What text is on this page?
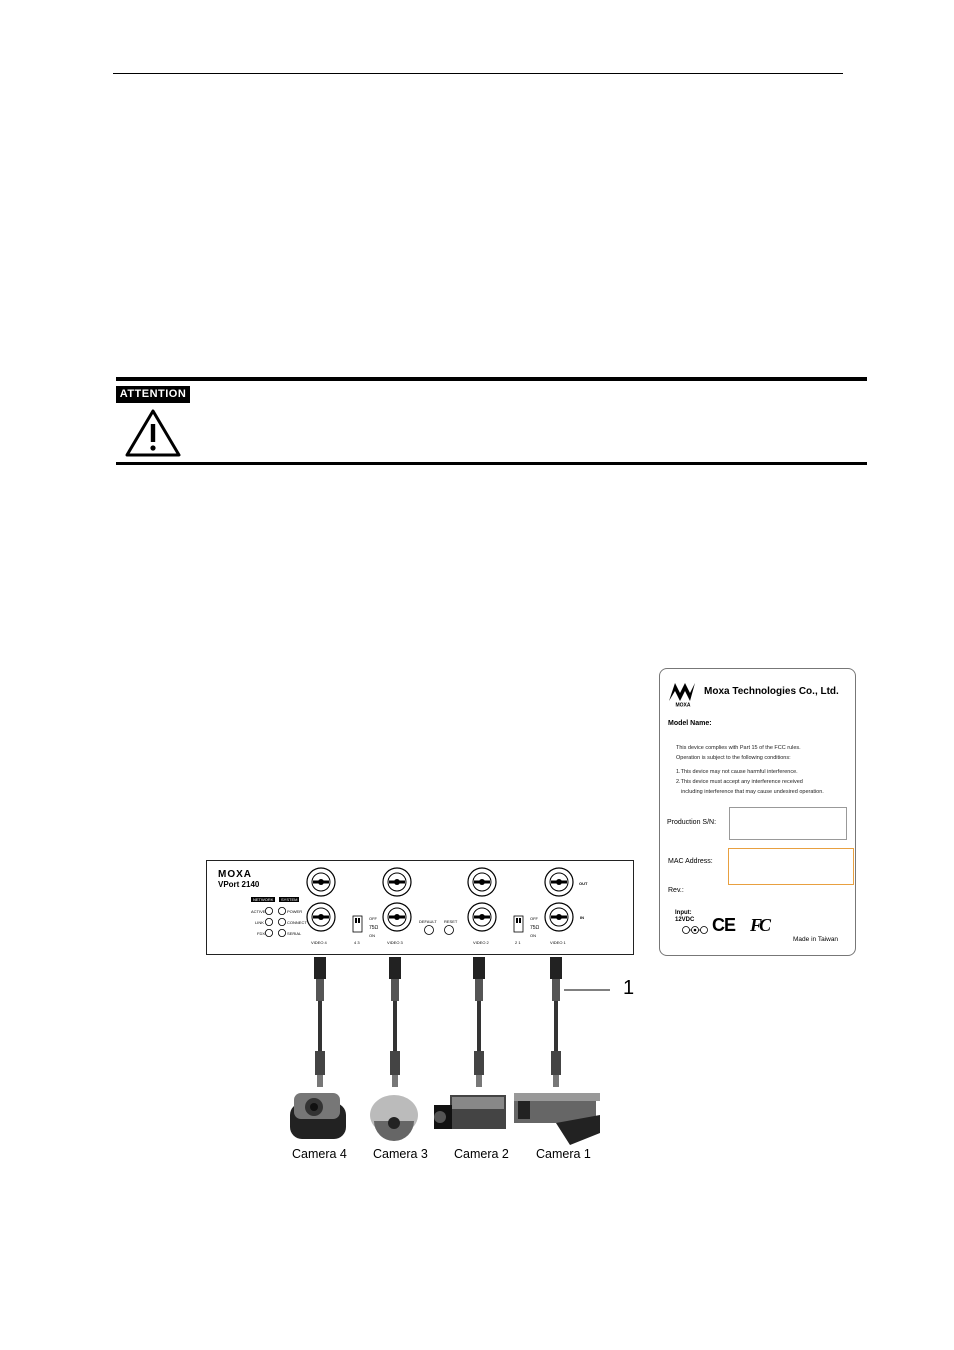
ATTENTION
MOXA
Moxa Technologies Co., Ltd.
Model Name:
This device complies with Part 15 of the FCC rules.
Operation is subject to the following conditions:
1.This device may not cause harmful interference.
2.This device must accept any interference received
including interference that may cause undesired operation.
Production S/N:
MAC Address:
Rev.:
Input:
12VDC CE FC
Made in Taiwan
MOXA
VPort 2140
NETWORK	SYSTEM
ACTIVE
LINK
FDX
POWER
CONNECT
SERIAL
VIDEO 4	VIDEO 3	VIDEO 2	VIDEO 1
4 3	2 1
OFF
75Ω
ON
OFF
75Ω
ON
DEFAULT RESET
OUT
IN
Camera 4 Camera 3 Camera 2 Camera 1
1
